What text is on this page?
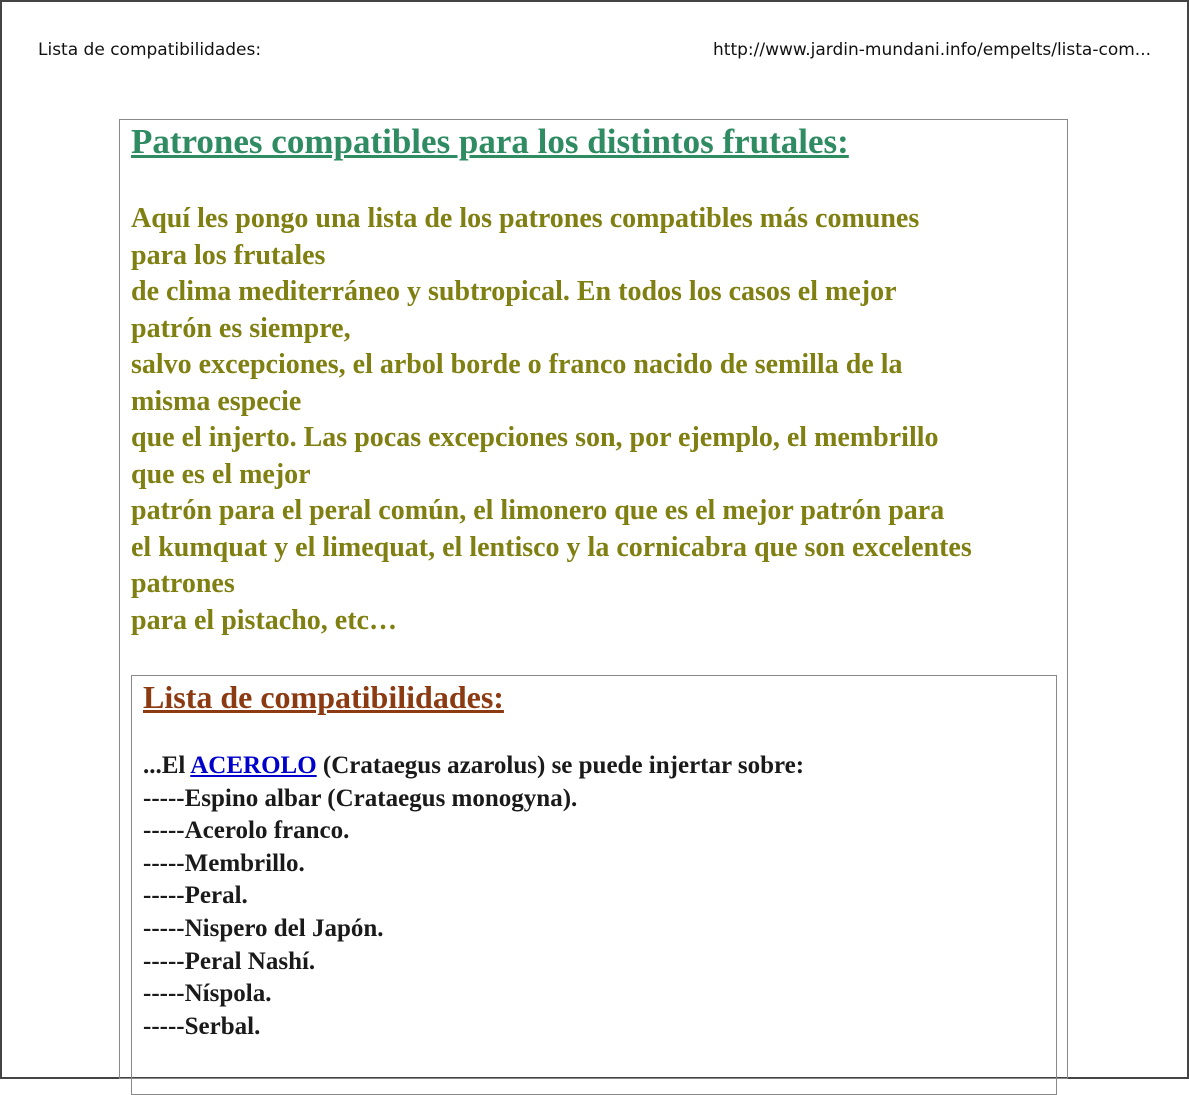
Lista de compatibilidades:	http://www.jardin-mundani.info/empelts/lista-com...
Patrones compatibles para los distintos frutales:
Aquí les pongo una lista de los patrones compatibles más comunes
para los frutales
de clima mediterráneo y subtropical. En todos los casos el mejor
patrón es siempre,
salvo excepciones, el arbol borde o franco nacido de semilla de la
misma especie
que el injerto. Las pocas excepciones son, por ejemplo, el membrillo
que es el mejor
patrón para el peral común, el limonero que es el mejor patrón para
el kumquat y el limequat, el lentisco y la cornicabra que son excelentes
patrones
para el pistacho, etc…
Lista de compatibilidades:
...El ACEROLO (Crataegus azarolus) se puede injertar sobre:
-----Espino albar (Crataegus monogyna).
-----Acerolo franco.
-----Membrillo.
-----Peral.
-----Nispero del Japón.
-----Peral Nashí.
-----Níspola.
-----Serbal.
